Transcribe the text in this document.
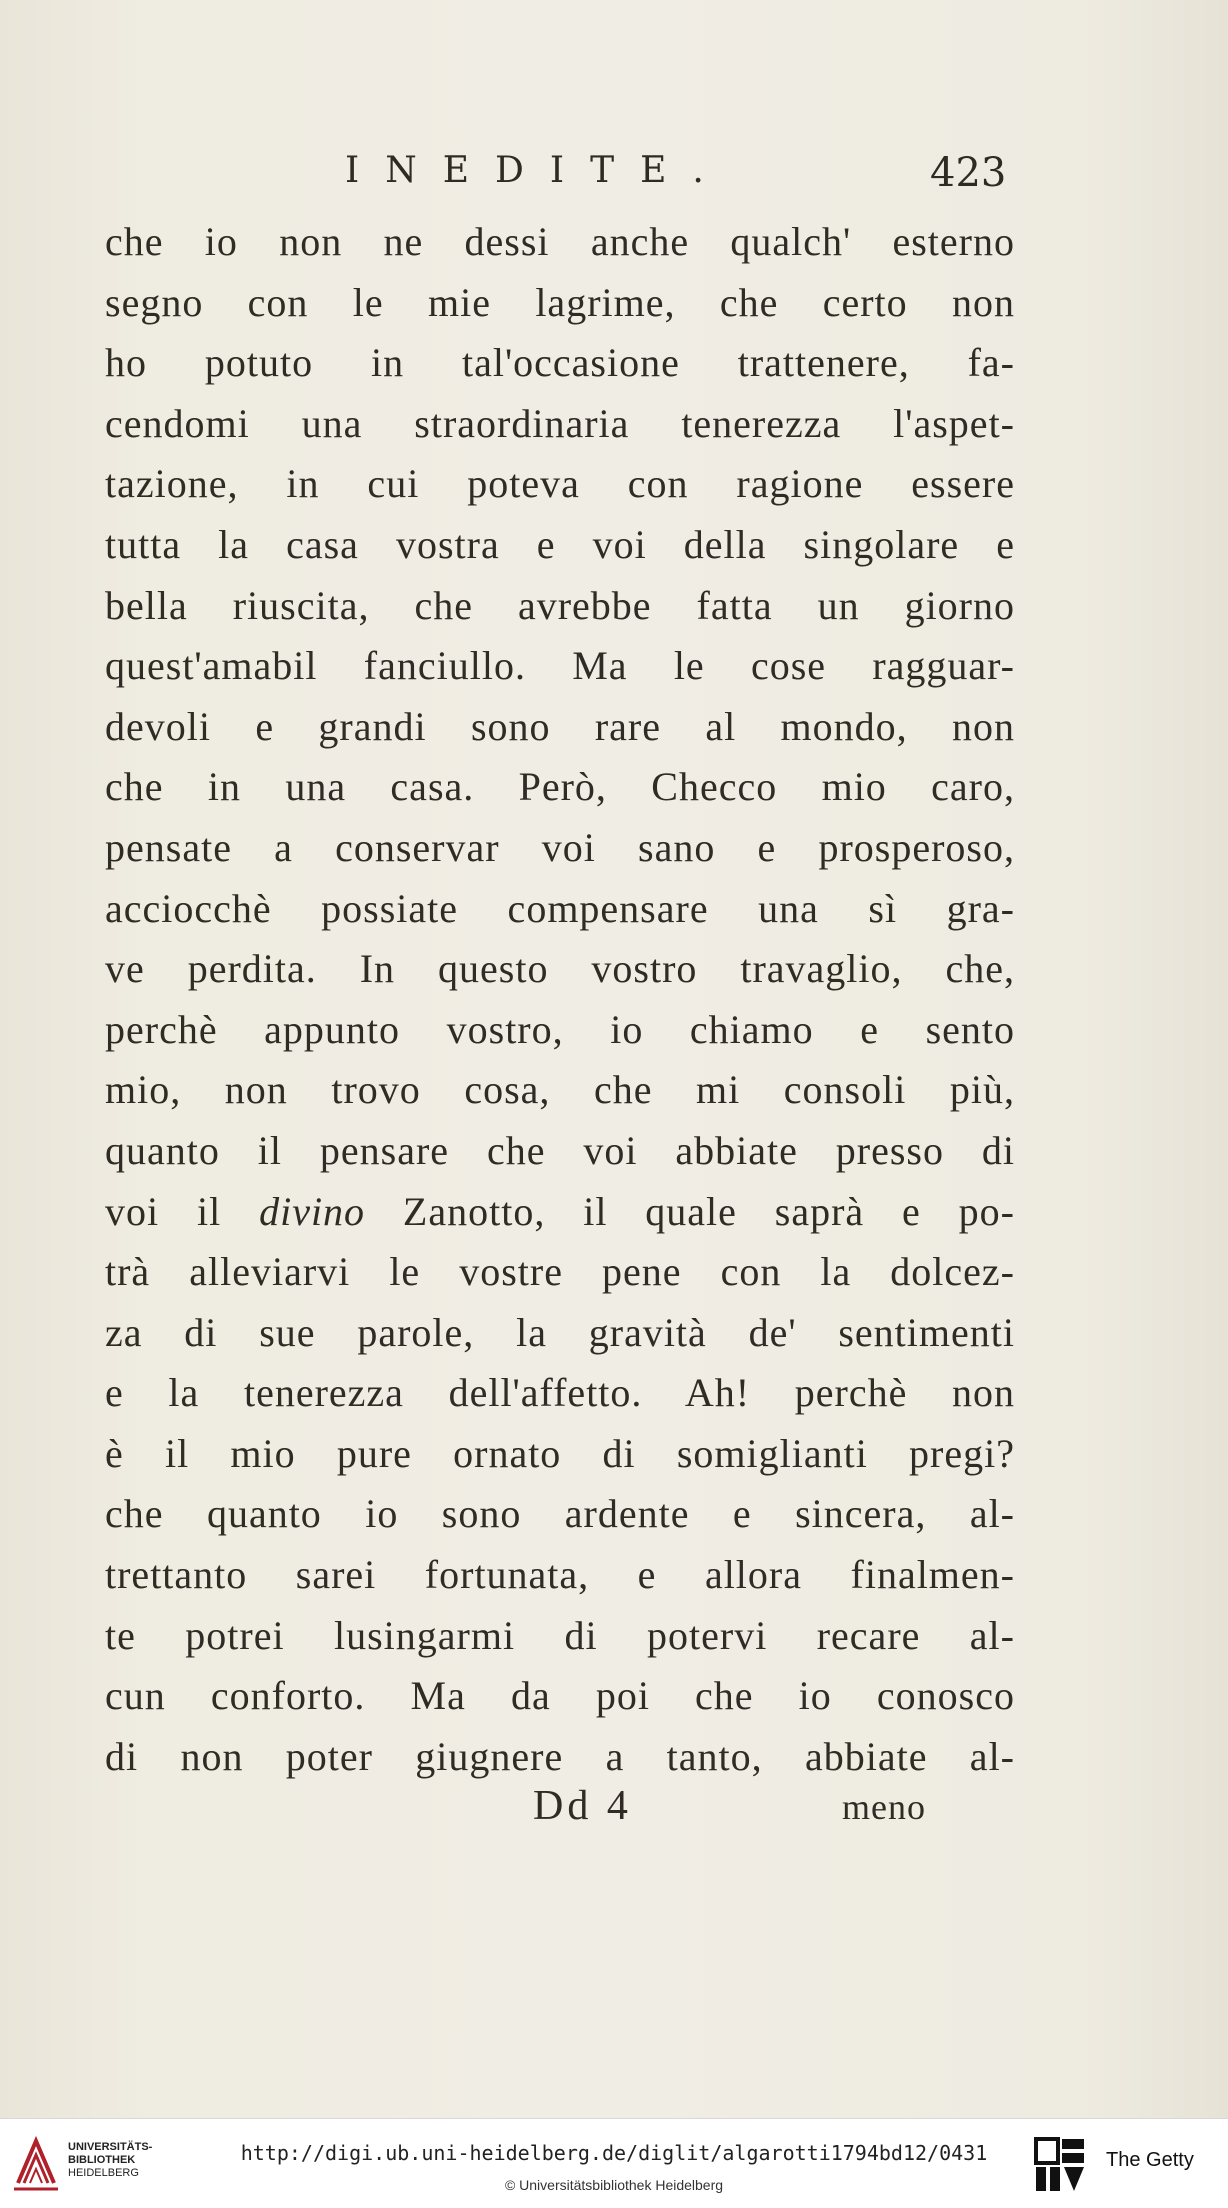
INEDITE.	423
che io non ne dessi anche qualch' esterno
segno con le mie lagrime, che certo non
ho potuto in tal'occasione trattenere, fa-
cendomi una straordinaria tenerezza l'aspet-
tazione, in cui poteva con ragione essere
tutta la casa vostra e voi della singolare e
bella riuscita, che avrebbe fatta un giorno
quest'amabil fanciullo. Ma le cose ragguar-
devoli e grandi sono rare al mondo, non
che in una casa. Però, Checco mio caro,
pensate a conservar voi sano e prosperoso,
acciocchè possiate compensare una sì gra-
ve perdita. In questo vostro travaglio, che,
perchè appunto vostro, io chiamo e sento
mio, non trovo cosa, che mi consoli più,
quanto il pensare che voi abbiate presso di
voi il divino Zanotto, il quale saprà e po-
trà alleviarvi le vostre pene con la dolcez-
za di sue parole, la gravità de' sentimenti
e la tenerezza dell'affetto. Ah! perchè non
è il mio pure ornato di somiglianti pregi?
che quanto io sono ardente e sincera, al-
trettanto sarei fortunata, e allora finalmen-
te potrei lusingarmi di potervi recare al-
cun conforto. Ma da poi che io conosco
di non poter giugnere a tanto, abbiate al-
Dd 4	meno
UNIVERSITÄTS-
BIBLIOTHEK
HEIDELBERG
http://digi.ub.uni-heidelberg.de/diglit/algarotti1794bd12/0431
© Universitätsbibliothek Heidelberg
The Getty
